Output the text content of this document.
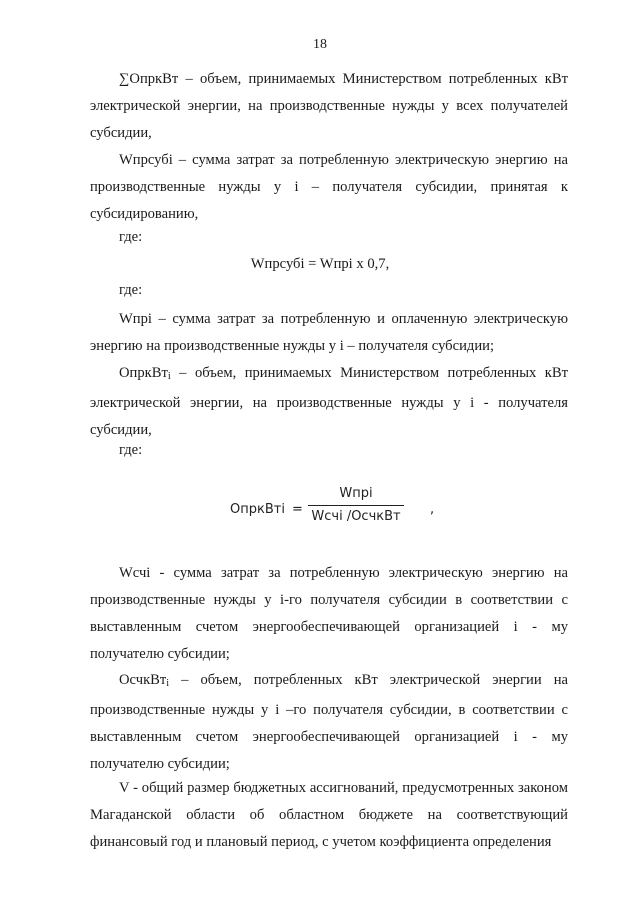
18

∑ОпркВт – объем, принимаемых Министерством потребленных кВт электрической энергии, на производственные нужды у всех получателей субсидии,

Wпрсубi – сумма затрат за потребленную электрическую энергию на производственные нужды у i – получателя субсидии, принятая к субсидированию,

где:
Wпрсубi = Wпрi x 0,7,
где:

Wпрi – сумма затрат за потребленную и оплаченную электрическую энергию на производственные нужды у i – получателя субсидии;

ОпркВт$_i$ – объем, принимаемых Министерством потребленных кВт электрической энергии, на производственные нужды у i - получателя субсидии,

где:
ОпркВтi =
Wпрi
Wсчi /ОсчкВт ,

Wсчi - сумма затрат за потребленную электрическую энергию на производственные нужды у i-го получателя субсидии в соответствии с выставленным счетом энергообеспечивающей организацией i - му получателю субсидии;

ОсчкВт$_i$ – объем, потребленных кВт электрической энергии на производственные нужды у i –го получателя субсидии, в соответствии с выставленным счетом энергообеспечивающей организацией i - му получателю субсидии;

V - общий размер бюджетных ассигнований, предусмотренных законом Магаданской области об областном бюджете на соответствующий финансовый год и плановый период, с учетом коэффициента определения
